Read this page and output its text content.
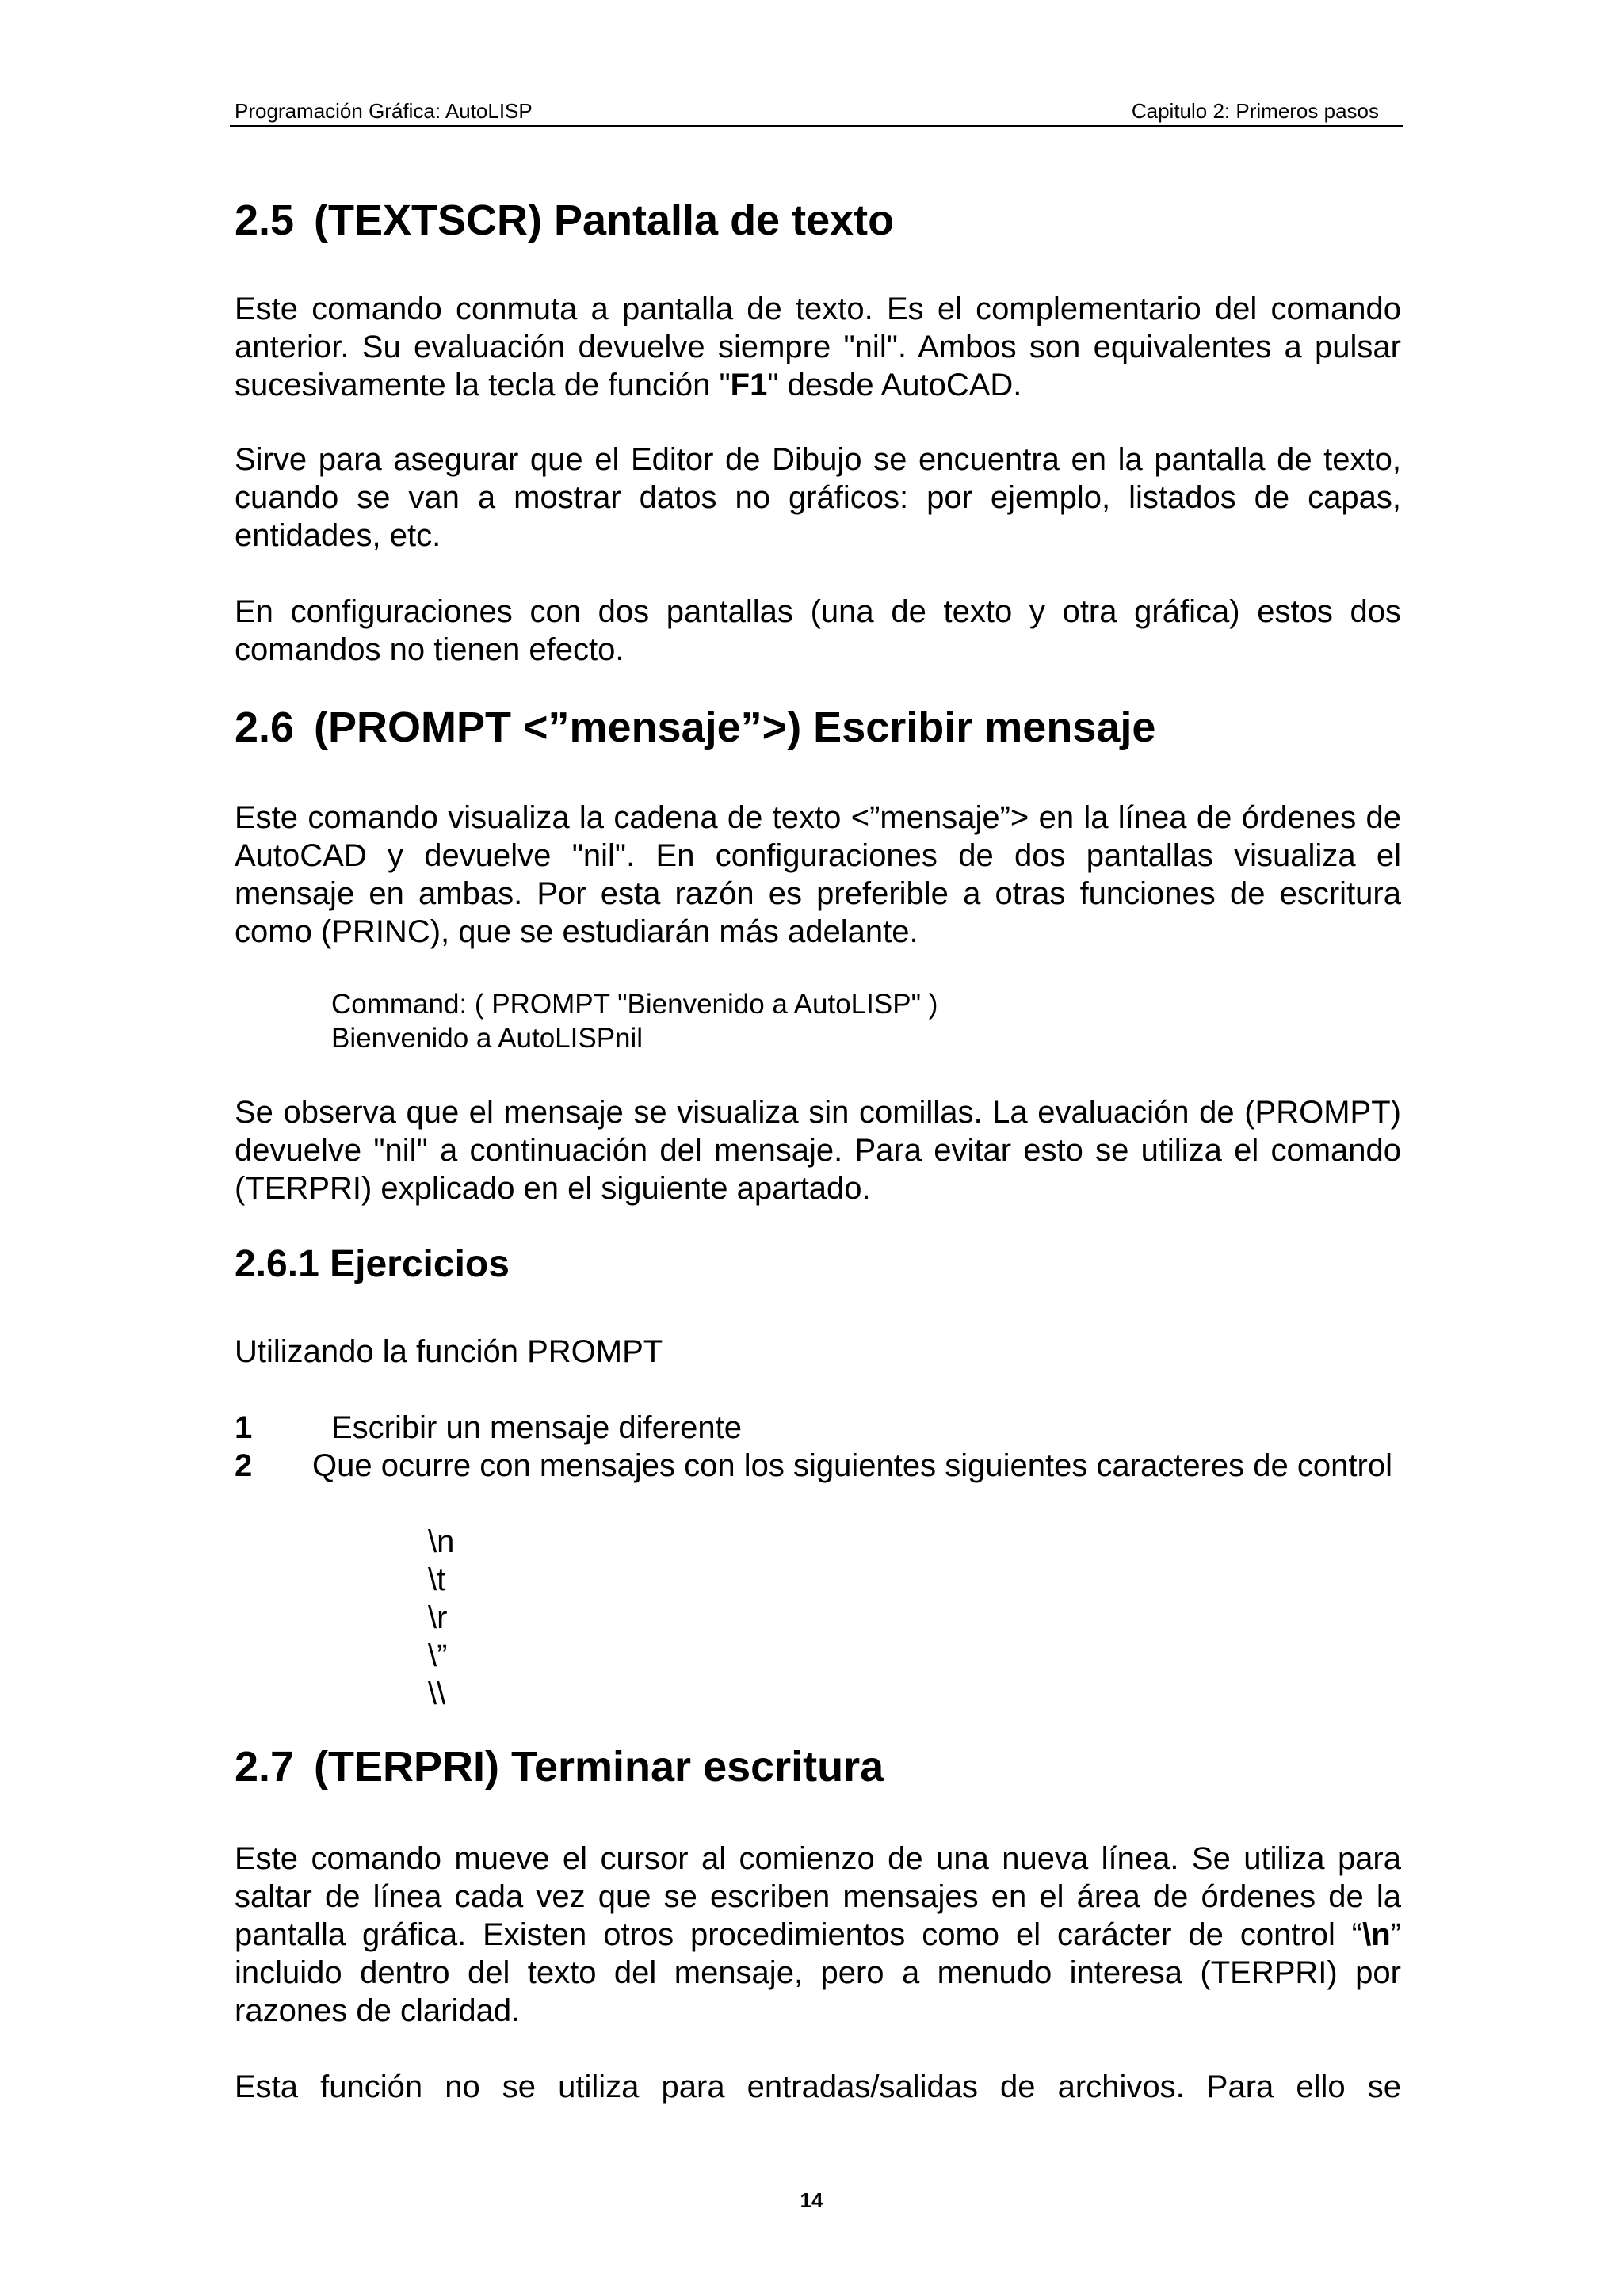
Programación Gráfica: AutoLISP	Capitulo 2: Primeros pasos
2.5 (TEXTSCR) Pantalla de texto
Este comando conmuta a pantalla de texto. Es el complementario del comando anterior. Su evaluación devuelve siempre "nil". Ambos son equivalentes a pulsar sucesivamente la tecla de función "F1" desde AutoCAD.
Sirve para asegurar que el Editor de Dibujo se encuentra en la pantalla de texto, cuando se van a mostrar datos no gráficos: por ejemplo, listados de capas, entidades, etc.
En configuraciones con dos pantallas (una de texto y otra gráfica) estos dos comandos no tienen efecto.
2.6 (PROMPT <”mensaje”>) Escribir mensaje
Este comando visualiza la cadena de texto <”mensaje”> en la línea de órdenes de AutoCAD y devuelve "nil". En configuraciones de dos pantallas visualiza el mensaje en ambas. Por esta razón es preferible a otras funciones de escritura como (PRINC), que se estudiarán más adelante.
Command: ( PROMPT "Bienvenido a AutoLISP" )
Bienvenido a AutoLISPnil
Se observa que el mensaje se visualiza sin comillas. La evaluación de (PROMPT) devuelve "nil" a continuación del mensaje. Para evitar esto se utiliza el comando (TERPRI) explicado en el siguiente apartado.
2.6.1 Ejercicios
Utilizando la función PROMPT
1 Escribir un mensaje diferente
2 Que ocurre con mensajes con los siguientes siguientes caracteres de control
\n
\t
\r
\”
\\
2.7 (TERPRI) Terminar escritura
Este comando mueve el cursor al comienzo de una nueva línea. Se utiliza para saltar de línea cada vez que se escriben mensajes en el área de órdenes de la pantalla gráfica. Existen otros procedimientos como el carácter de control “\n” incluido dentro del texto del mensaje, pero a menudo interesa (TERPRI) por razones de claridad.
Esta función no se utiliza para entradas/salidas de archivos. Para ello se
14
